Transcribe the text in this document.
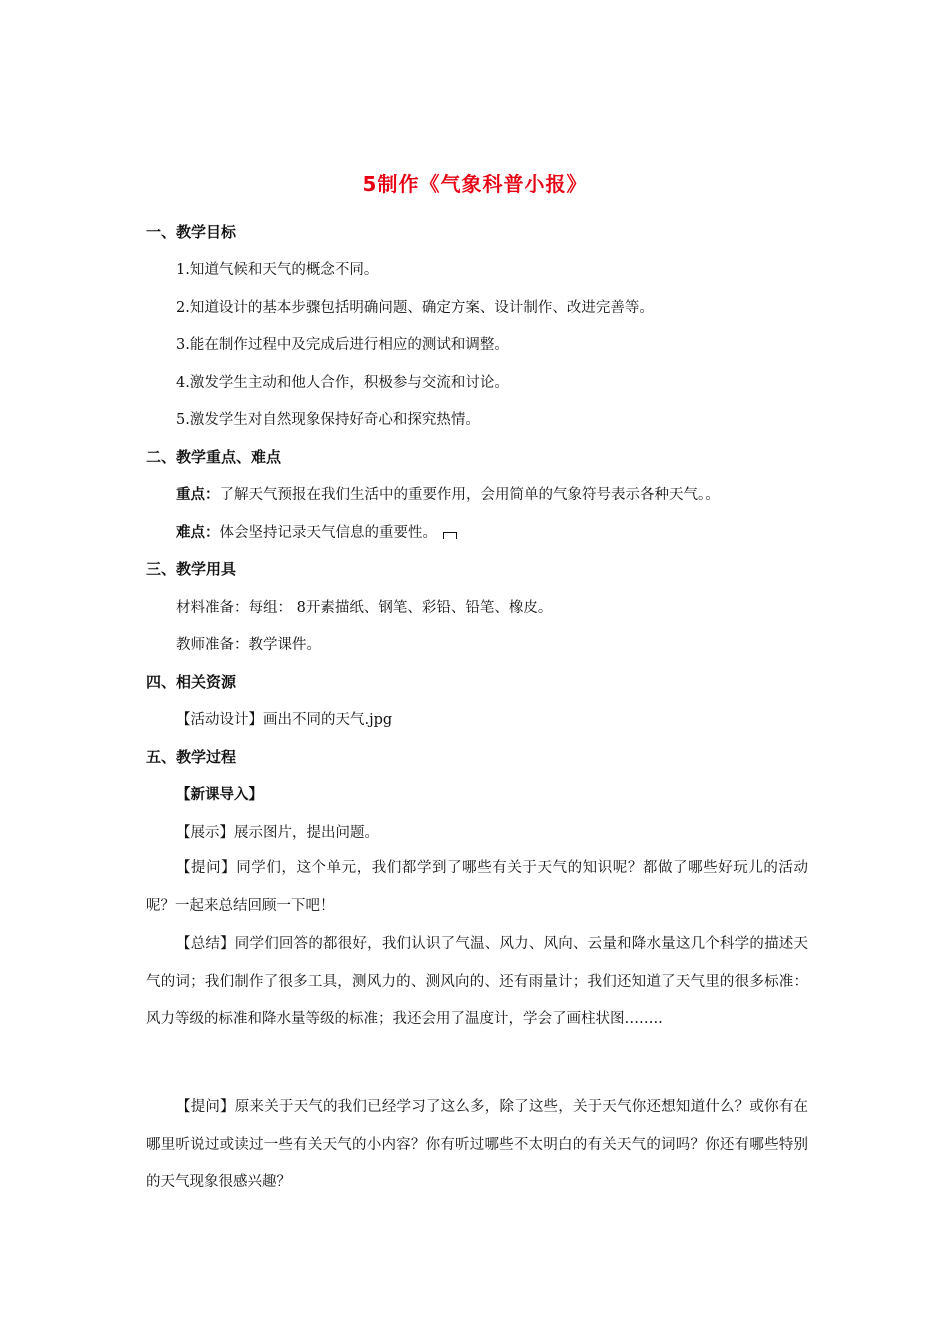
5制作《气象科普小报》
一、教学目标
1.知道气候和天气的概念不同。
2.知道设计的基本步骤包括明确问题、确定方案、设计制作、改进完善等。
3.能在制作过程中及完成后进行相应的测试和调整。
4.激发学生主动和他人合作，积极参与交流和讨论。
5.激发学生对自然现象保持好奇心和探究热情。
二、教学重点、难点
重点：了解天气预报在我们生活中的重要作用，会用简单的气象符号表示各种天气。。
难点：体会坚持记录天气信息的重要性。
三、教学用具
材料准备：每组： 8开素描纸、钢笔、彩铅、铅笔、橡皮。
教师准备：教学课件。
四、相关资源
【活动设计】画出不同的天气.jpg
五、教学过程
【新课导入】
【展示】展示图片，提出问题。
【提问】同学们，这个单元，我们都学到了哪些有关于天气的知识呢？都做了哪些好玩儿的活动呢？一起来总结回顾一下吧！
【总结】同学们回答的都很好，我们认识了气温、风力、风向、云量和降水量这几个科学的描述天气的词；我们制作了很多工具，测风力的、测风向的、还有雨量计；我们还知道了天气里的很多标准：风力等级的标准和降水量等级的标准；我还会用了温度计，学会了画柱状图……..
【提问】原来关于天气的我们已经学习了这么多，除了这些，关于天气你还想知道什么？或你有在哪里听说过或读过一些有关天气的小内容？你有听过哪些不太明白的有关天气的词吗？你还有哪些特别的天气现象很感兴趣？
